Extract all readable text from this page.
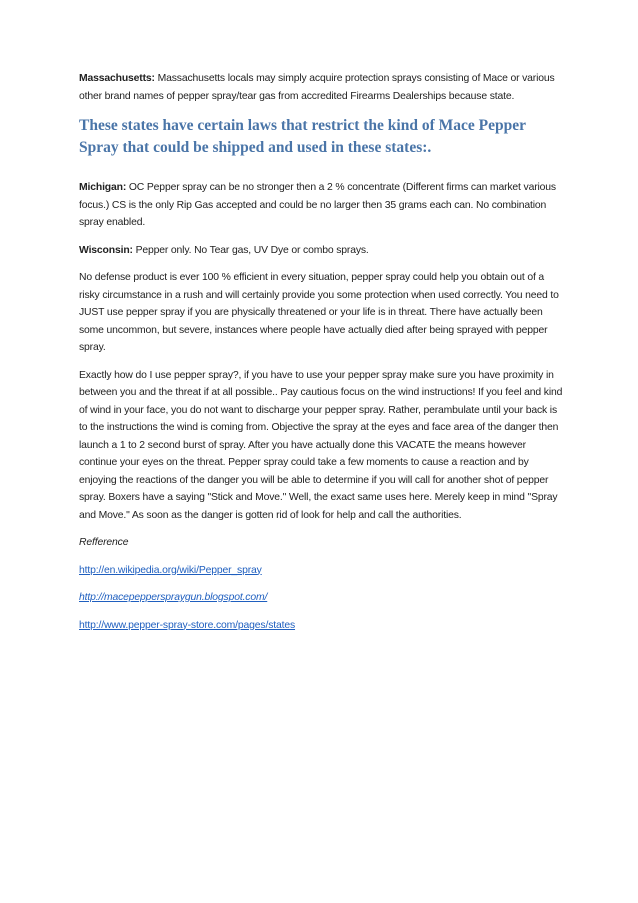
Massachusetts: Massachusetts locals may simply acquire protection sprays consisting of Mace or various other brand names of pepper spray/tear gas from accredited Firearms Dealerships because state.

These states have certain laws that restrict the kind of Mace Pepper Spray that could be shipped and used in these states:.

Michigan: OC Pepper spray can be no stronger then a 2 % concentrate (Different firms can market various focus.) CS is the only Rip Gas accepted and could be no larger then 35 grams each can. No combination spray enabled.

Wisconsin: Pepper only. No Tear gas, UV Dye or combo sprays.

No defense product is ever 100 % efficient in every situation, pepper spray could help you obtain out of a risky circumstance in a rush and will certainly provide you some protection when used correctly. You need to JUST use pepper spray if you are physically threatened or your life is in threat. There have actually been some uncommon, but severe, instances where people have actually died after being sprayed with pepper spray.

Exactly how do I use pepper spray?, if you have to use your pepper spray make sure you have proximity in between you and the threat if at all possible.. Pay cautious focus on the wind instructions! If you feel and kind of wind in your face, you do not want to discharge your pepper spray. Rather, perambulate until your back is to the instructions the wind is coming from. Objective the spray at the eyes and face area of the danger then launch a 1 to 2 second burst of spray. After you have actually done this VACATE the means however continue your eyes on the threat. Pepper spray could take a few moments to cause a reaction and by enjoying the reactions of the danger you will be able to determine if you will call for another shot of pepper spray. Boxers have a saying "Stick and Move." Well, the exact same uses here. Merely keep in mind "Spray and Move." As soon as the danger is gotten rid of look for help and call the authorities.

Refference

http://en.wikipedia.org/wiki/Pepper_spray
http://macepepperspraygun.blogspot.com/
http://www.pepper-spray-store.com/pages/states
